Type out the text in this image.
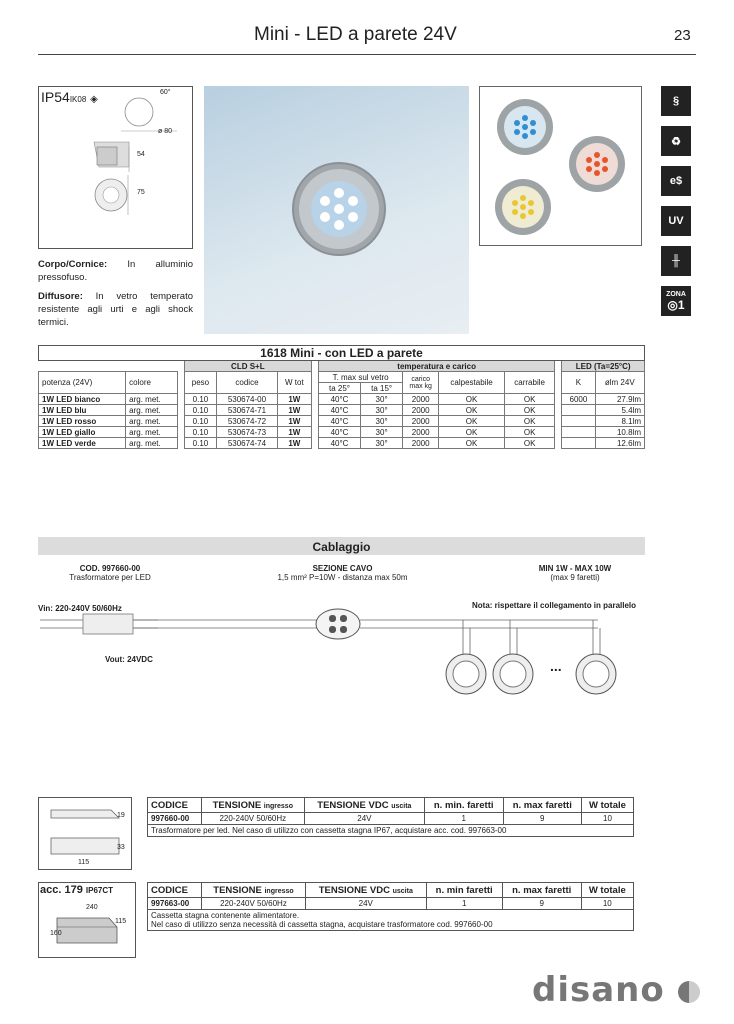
Mini - LED a parete 24V	23
IP54IK08 ◈
60°
ø 80
54
75

Corpo/Cornice: In alluminio pressofuso.

Diffusore: In vetro temperato resistente agli urti e agli shock termici.

§
♻
e$
UV
╫
ZONA
◎1
1618 Mini - con LED a parete														
			CLD S+L				temperatura e carico						LED (Ta=25°C)	
potenza (24V)	colore		peso	codice	W tot		T. max sul vetro		carico max kg	calpestabile	carrabile		K	ølm 24V
							ta 25°	ta 15°						
1W LED bianco	arg. met.		0.10	530674-00	1W		40°C	30°	2000	OK	OK		6000	27.9lm
1W LED blu	arg. met.		0.10	530674-71	1W		40°C	30°	2000	OK	OK			5.4lm
1W LED rosso	arg. met.		0.10	530674-72	1W		40°C	30°	2000	OK	OK			8.1lm
1W LED giallo	arg. met.		0.10	530674-73	1W		40°C	30°	2000	OK	OK			10.8lm
1W LED verde	arg. met.		0.10	530674-74	1W		40°C	30°	2000	OK	OK			12.6lm
Cablaggio
COD. 997660-00
Trasformatore per LED
SEZIONE CAVO
1,5 mm² P=10W - distanza max 50m
MIN 1W - MAX 10W
(max 9 faretti)
Vin: 220-240V 50/60Hz	Nota: rispettare il collegamento in parallelo
Vout: 24VDC	...
19
33
115
CODICE	TENSIONE ingresso	TENSIONE VDC uscita	n. min. faretti	n. max faretti	W totale
997660-00	220-240V 50/60Hz	24V	1	9	10
Trasformatore per led. Nel caso di utilizzo con cassetta stagna IP67, acquistare acc. cod. 997663-00					
acc. 179 IP67CT
240
115
160
CODICE	TENSIONE ingresso	TENSIONE VDC uscita	n. min faretti	n. max faretti	W totale
997663-00	220-240V 50/60Hz	24V	1	9	10
Cassetta stagna contenente alimentatore.
Nel caso di utilizzo senza necessità di cassetta stagna, acquistare trasformatore cod. 997660-00					
disano
